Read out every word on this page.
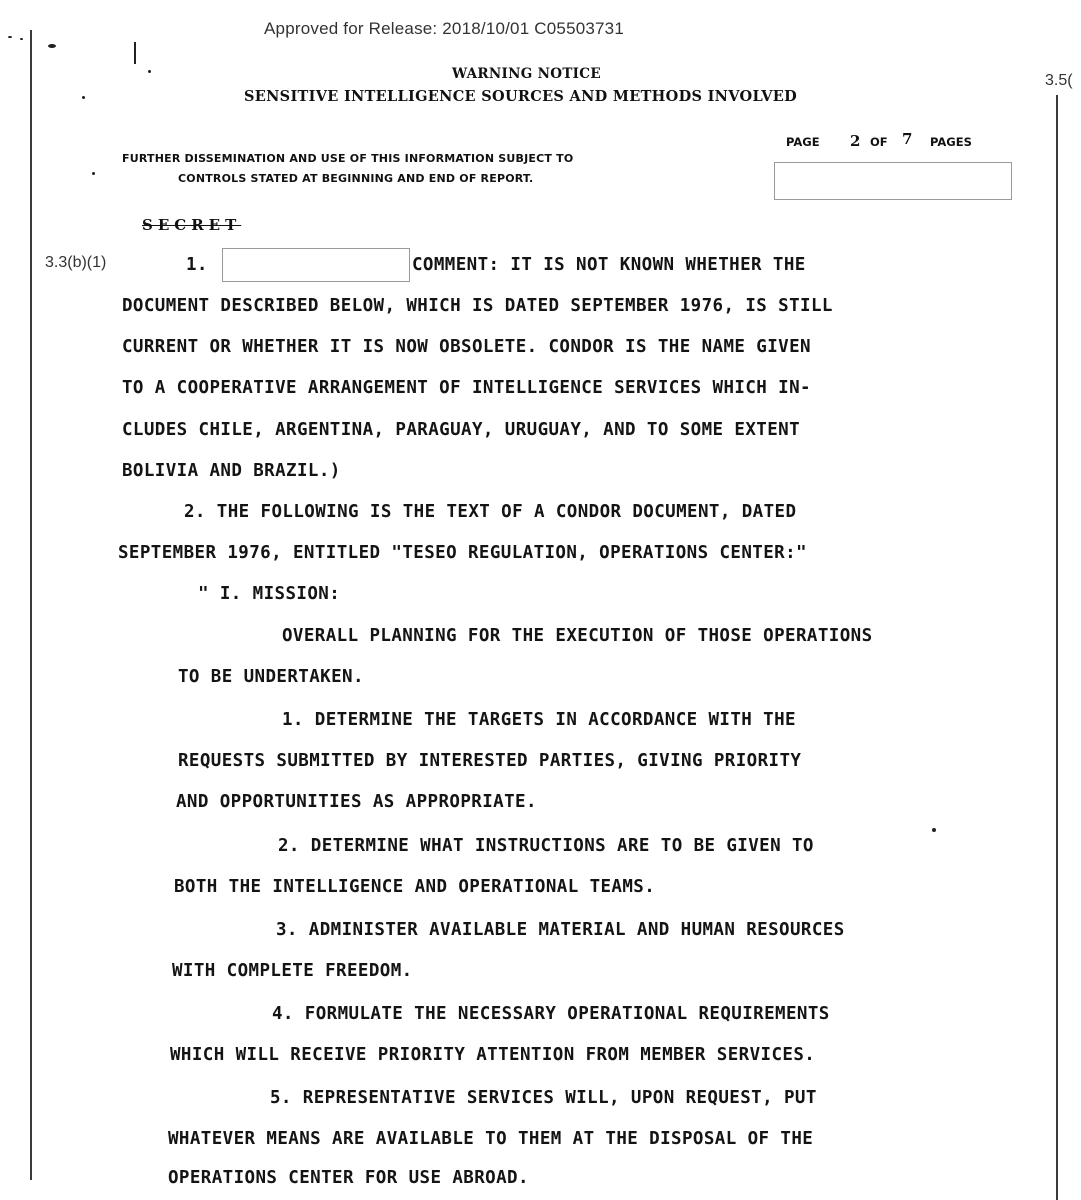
Approved for Release: 2018/10/01 C05503731
3.3(b)(1)
3.5(
WARNING NOTICE
SENSITIVE INTELLIGENCE SOURCES AND METHODS INVOLVED
FURTHER DISSEMINATION AND USE OF THIS INFORMATION SUBJECT TO
CONTROLS STATED AT BEGINNING AND END OF REPORT.
PAGE 2 OF 7 PAGES
SECRET
1.	COMMENT: IT IS NOT KNOWN WHETHER THE
DOCUMENT DESCRIBED BELOW, WHICH IS DATED SEPTEMBER 1976, IS STILL
CURRENT OR WHETHER IT IS NOW OBSOLETE. CONDOR IS THE NAME GIVEN
TO A COOPERATIVE ARRANGEMENT OF INTELLIGENCE SERVICES WHICH IN-
CLUDES CHILE, ARGENTINA, PARAGUAY, URUGUAY, AND TO SOME EXTENT
BOLIVIA AND BRAZIL.)
2. THE FOLLOWING IS THE TEXT OF A CONDOR DOCUMENT, DATED
SEPTEMBER 1976, ENTITLED "TESEO REGULATION, OPERATIONS CENTER:"
" I. MISSION:
OVERALL PLANNING FOR THE EXECUTION OF THOSE OPERATIONS
TO BE UNDERTAKEN.
1. DETERMINE THE TARGETS IN ACCORDANCE WITH THE
REQUESTS SUBMITTED BY INTERESTED PARTIES, GIVING PRIORITY
AND OPPORTUNITIES AS APPROPRIATE.
2. DETERMINE WHAT INSTRUCTIONS ARE TO BE GIVEN TO
BOTH THE INTELLIGENCE AND OPERATIONAL TEAMS.
3. ADMINISTER AVAILABLE MATERIAL AND HUMAN RESOURCES
WITH COMPLETE FREEDOM.
4. FORMULATE THE NECESSARY OPERATIONAL REQUIREMENTS
WHICH WILL RECEIVE PRIORITY ATTENTION FROM MEMBER SERVICES.
5. REPRESENTATIVE SERVICES WILL, UPON REQUEST, PUT
WHATEVER MEANS ARE AVAILABLE TO THEM AT THE DISPOSAL OF THE
OPERATIONS CENTER FOR USE ABROAD.
